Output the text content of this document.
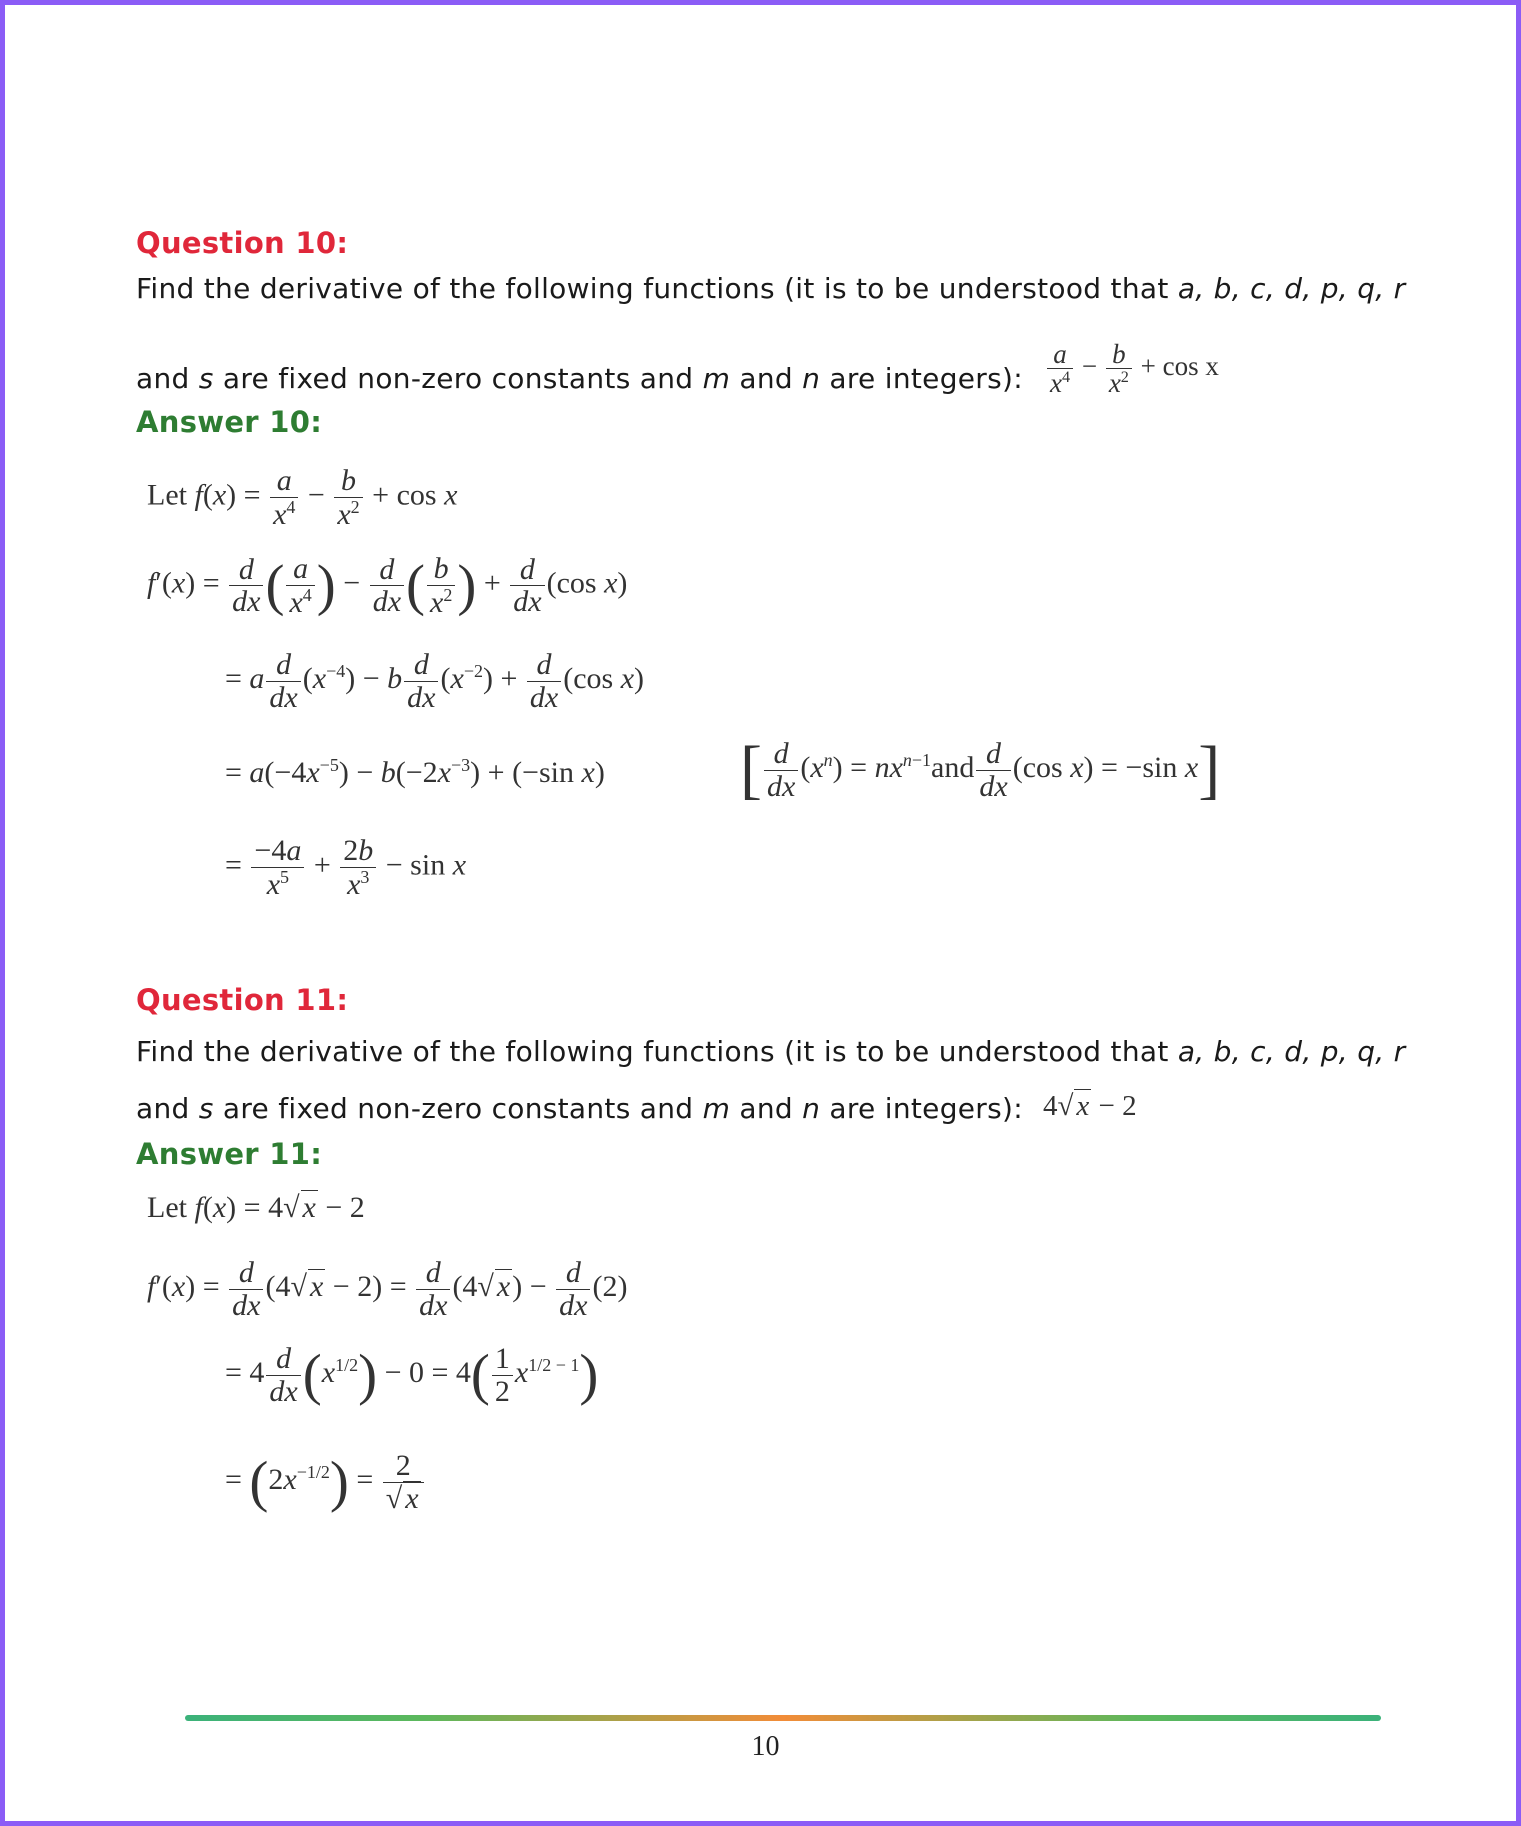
Question 10:
Find the derivative of the following functions (it is to be understood that a, b, c, d, p, q, r
and s are fixed non-zero constants and m and n are integers): $\frac{a}{x^4} - \frac{b}{x^2} + \cos x$
Answer 10:
Let $f(x) = \frac{a}{x^4} - \frac{b}{x^2} + \cos x$
$f'(x) = \frac{d}{dx}$ ( $\frac{a}{x^4}$ ) − $\frac{d}{dx}$ ( $\frac{b}{x^2}$ ) + $\frac{d}{dx} (\cos$ x)
= a $\frac{d}{dx} (x^{-4}) - b \frac{d}{dx} (x^{-2}) + \frac{d}{dx} (\cos$ x)
= $a(-4x^{-5}) - b(-2x^{-3}) + (-\sin$ x) [ $\frac{d}{dx} (x^n) = nx^{n-1}and \frac{d}{dx} (\cos$ x) = −sin x]
= $\frac{-4a}{x^5} + \frac{2b}{x^3} - \sin x$
Question 11:
Find the derivative of the following functions (it is to be understood that a, b, c, d, p, q, r
and s are fixed non-zero constants and m and n are integers): 4√ x − 2
Answer 11:
Let f(x) = 4√ x − 2
$f'(x) = \frac{d}{dx} (4√$ $x - 2) = \frac{d}{dx} (4√$ $x) - \frac{d}{dx} (2)$
= $4 \frac{d}{dx} (x^{1/2}) - 0 = 4( \frac{1}{2} x^{1/2 - 1})$
= $(2x^{-1/2}) = \frac{2}{√ x}$
10
